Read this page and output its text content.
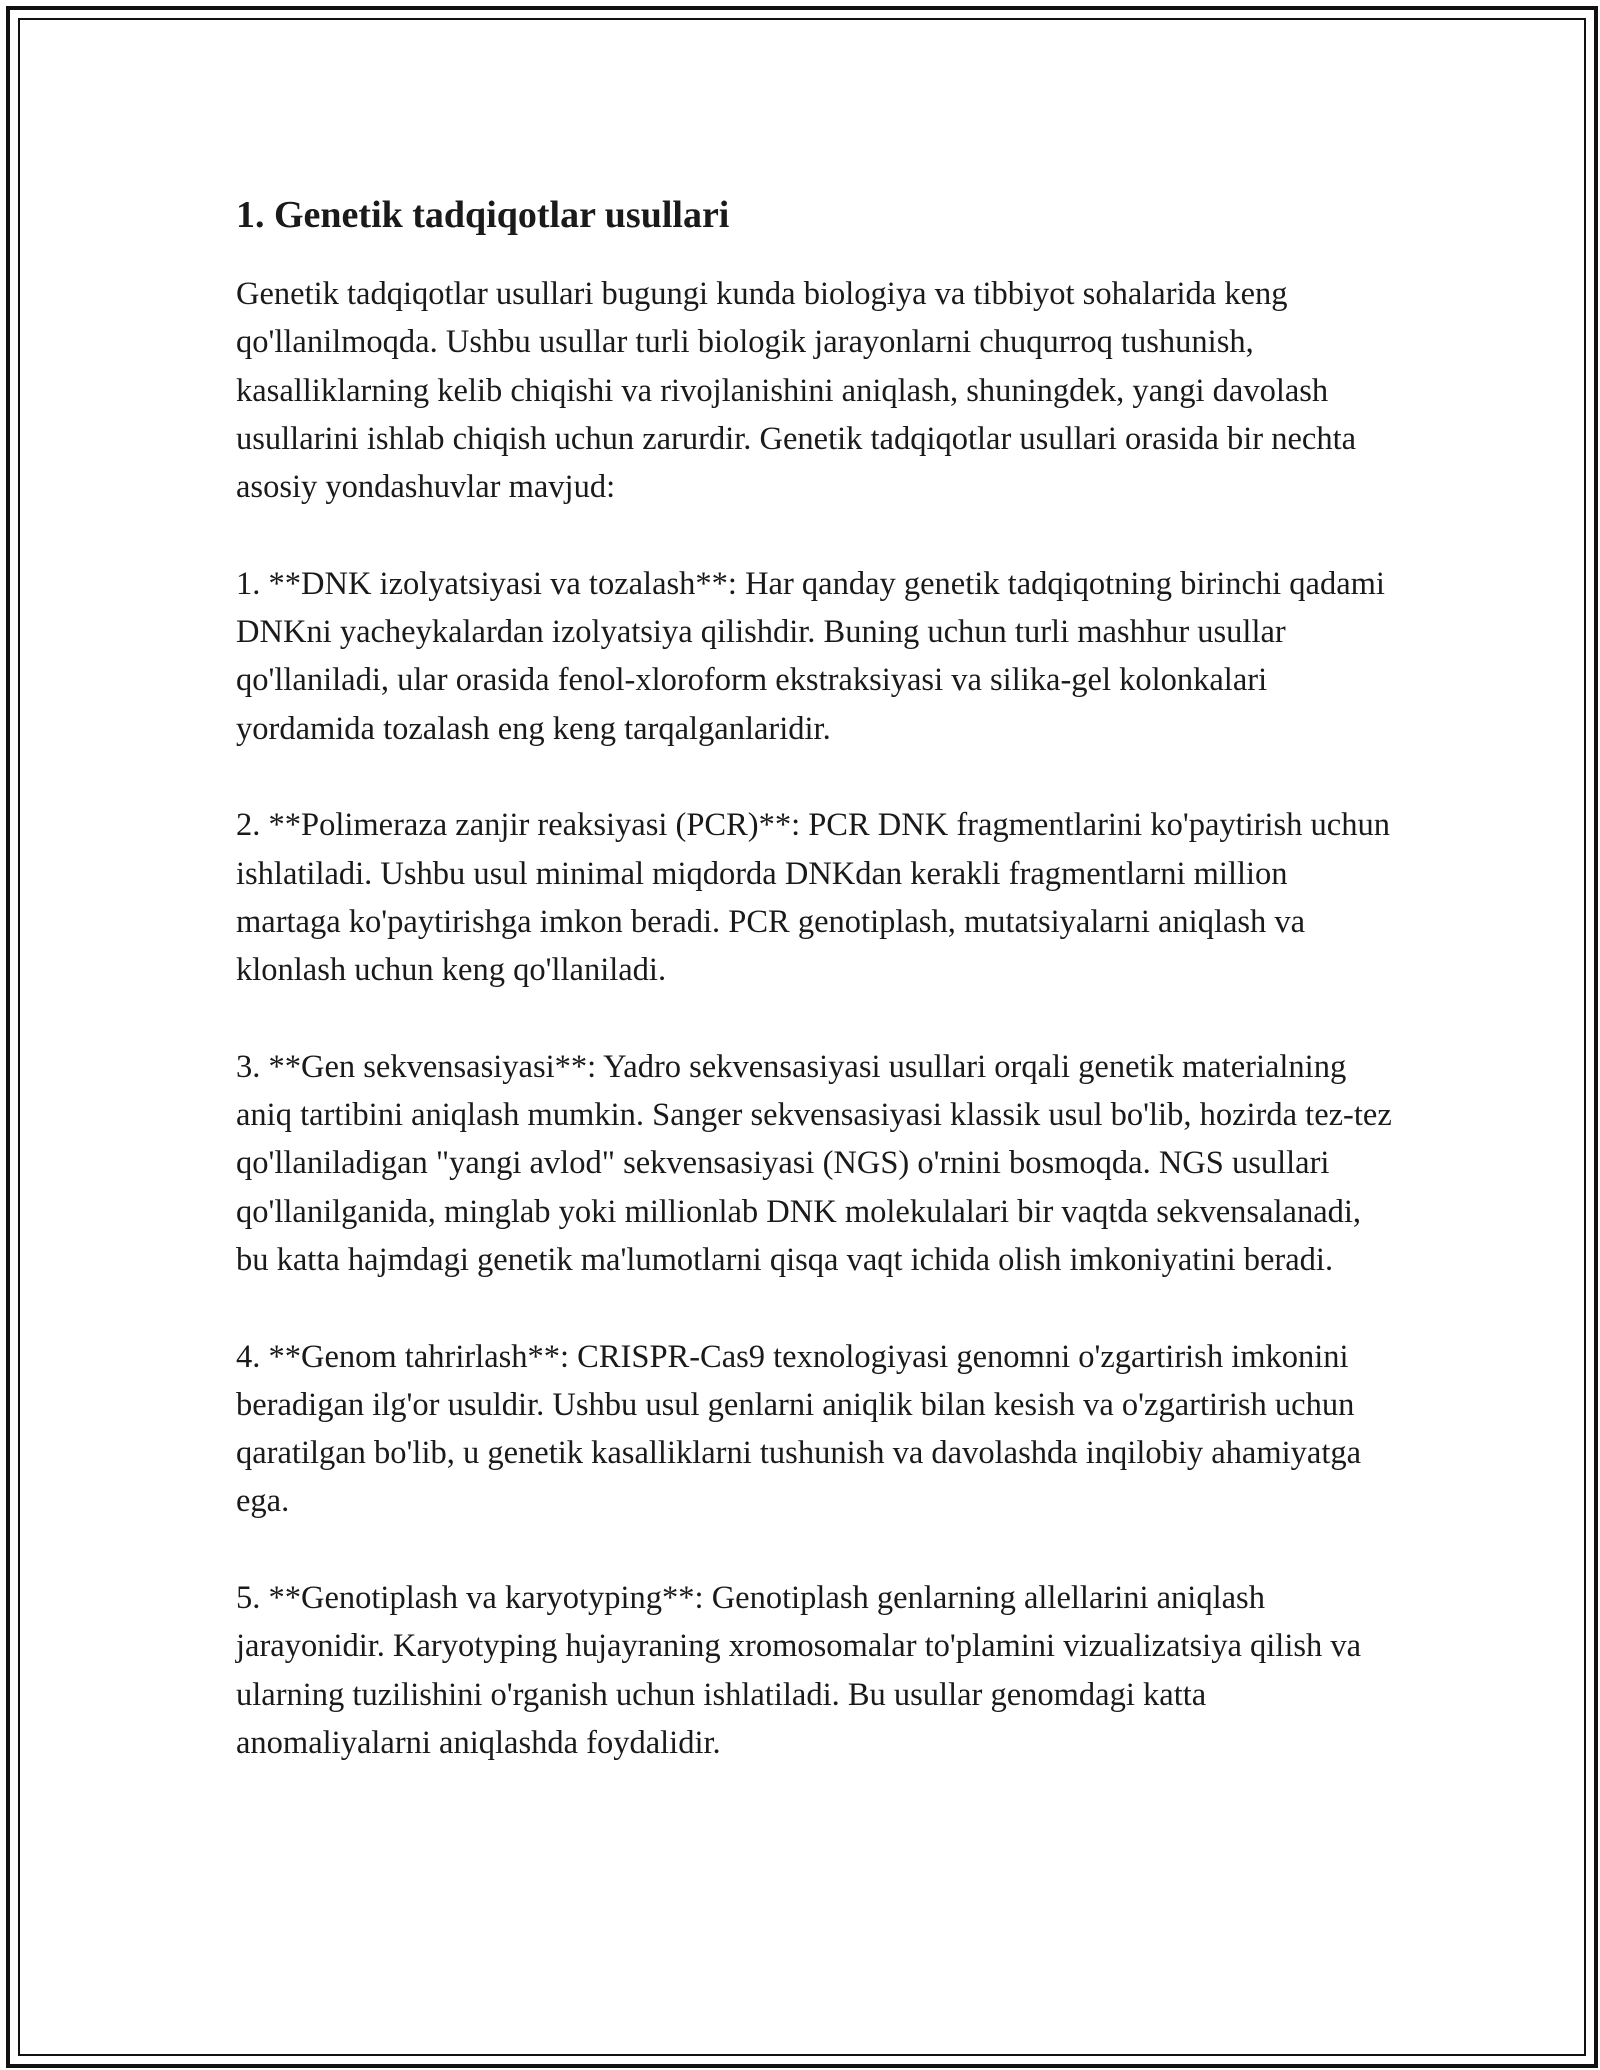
1. Genetik tadqiqotlar usullari

Genetik tadqiqotlar usullari bugungi kunda biologiya va tibbiyot sohalarida keng qo'llanilmoqda. Ushbu usullar turli biologik jarayonlarni chuqurroq tushunish, kasalliklarning kelib chiqishi va rivojlanishini aniqlash, shuningdek, yangi davolash usullarini ishlab chiqish uchun zarurdir. Genetik tadqiqotlar usullari orasida bir nechta asosiy yondashuvlar mavjud:

1. **DNK izolyatsiyasi va tozalash**: Har qanday genetik tadqiqotning birinchi qadami DNKni yacheykalardan izolyatsiya qilishdir. Buning uchun turli mashhur usullar qo'llaniladi, ular orasida fenol-xloroform ekstraksiyasi va silika-gel kolonkalari yordamida tozalash eng keng tarqalganlaridir.

2. **Polimeraza zanjir reaksiyasi (PCR)**: PCR DNK fragmentlarini ko'paytirish uchun ishlatiladi. Ushbu usul minimal miqdorda DNKdan kerakli fragmentlarni million martaga ko'paytirishga imkon beradi. PCR genotiplash, mutatsiyalarni aniqlash va klonlash uchun keng qo'llaniladi.

3. **Gen sekvensasiyasi**: Yadro sekvensasiyasi usullari orqali genetik materialning aniq tartibini aniqlash mumkin. Sanger sekvensasiyasi klassik usul bo'lib, hozirda tez-tez qo'llaniladigan "yangi avlod" sekvensasiyasi (NGS) o'rnini bosmoqda. NGS usullari qo'llanilganida, minglab yoki millionlab DNK molekulalari bir vaqtda sekvensalanadi, bu katta hajmdagi genetik ma'lumotlarni qisqa vaqt ichida olish imkoniyatini beradi.

4. **Genom tahrirlash**: CRISPR-Cas9 texnologiyasi genomni o'zgartirish imkonini beradigan ilg'or usuldir. Ushbu usul genlarni aniqlik bilan kesish va o'zgartirish uchun qaratilgan bo'lib, u genetik kasalliklarni tushunish va davolashda inqilobiy ahamiyatga ega.

5. **Genotiplash va karyotyping**: Genotiplash genlarning allellarini aniqlash jarayonidir. Karyotyping hujayraning xromosomalar to'plamini vizualizatsiya qilish va ularning tuzilishini o'rganish uchun ishlatiladi. Bu usullar genomdagi katta anomaliyalarni aniqlashda foydalidir.
